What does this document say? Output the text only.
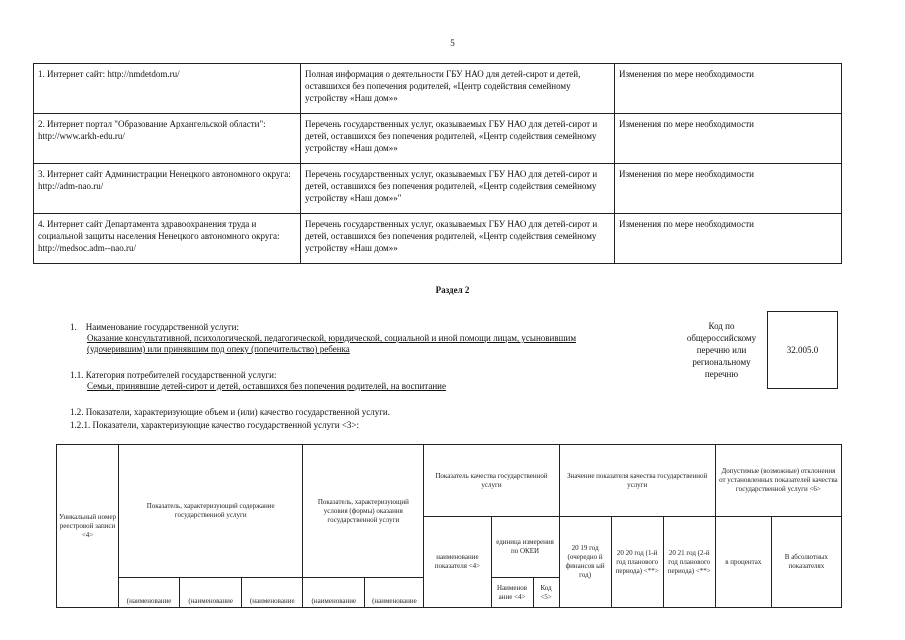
5
1. Интернет сайт: http://nmdetdom.ru/	Полная информация о деятельности ГБУ НАО для детей-сирот и детей, оставшихся без попечения родителей, «Центр содействия семейному устройству «Наш дом»»	Изменения по мере необходимости
2. Интернет портал "Образование Архангельской области": http://www.arkh-edu.ru/	Перечень государственных услуг, оказываемых ГБУ НАО для детей-сирот и детей, оставшихся без попечения родителей, «Центр содействия семейному устройству «Наш дом»»	Изменения по мере необходимости
3. Интернет сайт Администрации Ненецкого автономного округа: http://adm-nao.ru/	Перечень государственных услуг, оказываемых ГБУ НАО для детей-сирот и детей, оставшихся без попечения родителей, «Центр содействия семейному устройству «Наш дом»»"	Изменения по мере необходимости
4. Интернет сайт Департамента здравоохранения труда и социальной защиты населения Ненецкого автономного округа: http://medsoc.adm--nao.ru/	Перечень государственных услуг, оказываемых ГБУ НАО для детей-сирот и детей, оставшихся без попечения родителей, «Центр содействия семейному устройству «Наш дом»»	Изменения по мере необходимости
Раздел 2
1.    Наименование государственной услуги:
Оказание консультативной, психологической, педагогической, юридической, социальной и иной помощи лицам, усыновившим (удочерившим) или принявшим под опеку (попечительство) ребенка
1.1. Категория потребителей государственной услуги:
Семьи, принявшие детей-сирот и детей, оставшихся без попечения родителей, на воспитание
Код по общероссийскому перечню или региональному перечню
32.005.0
1.2. Показатели, характеризующие объем и (или) качество государственной услуги.
1.2.1. Показатели, характеризующие качество государственной услуги <3>:
Уникальный номер реестровой записи <4>	Показатель, характеризующий содержание государственной услуги			Показатель, характеризующий условия (формы) оказания государственной услуги		Показатель качества государственной услуги			Значение показателя качества государственной услуги			Допустимые (возможные) отклонения от установленных показателей качества государственной услуги <6>	
						наименование показателя <4>	единица измерения по ОКЕИ		20 19 год (очередно й финансов ый год)	20 20 год (1-й год планового периода) <**>	20 21 год (2-й год планового периода) <**>	в процентах	В абсолютных показателях
	(наименование	(наименование	(наименование	(наименование	(наименование		Наименов ание <4>	Код <5>					
